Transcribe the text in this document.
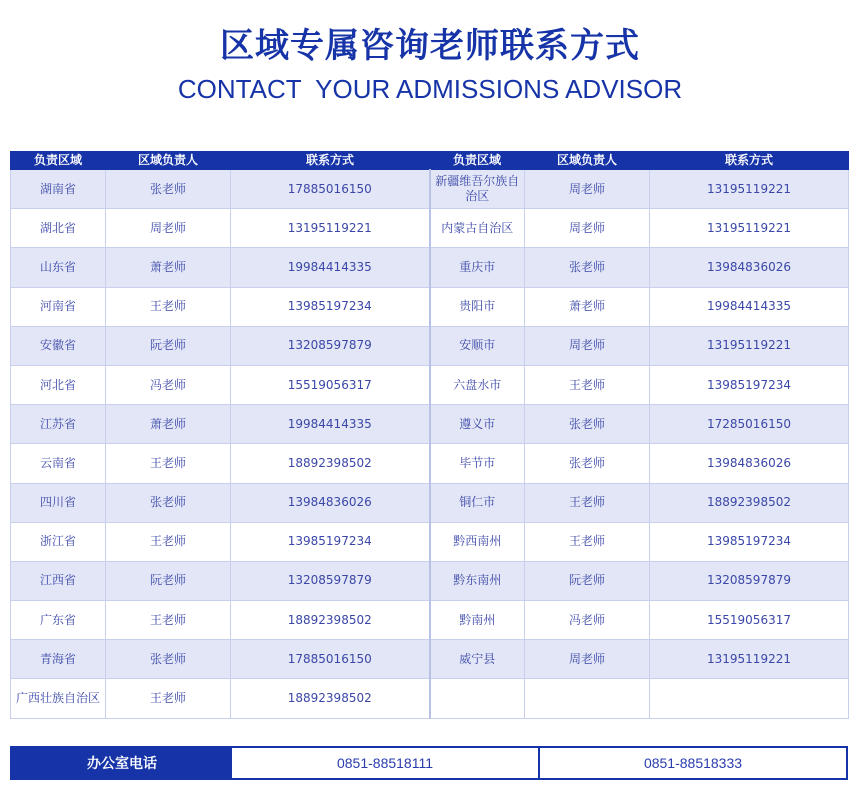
区域专属咨询老师联系方式
CONTACT  YOUR ADMISSIONS ADVISOR
负责区域	区域负责人	联系方式	负责区域	区域负责人	联系方式
湖南省	张老师	17885016150	新疆维吾尔族自治区	周老师	13195119221
湖北省	周老师	13195119221	内蒙古自治区	周老师	13195119221
山东省	萧老师	19984414335	重庆市	张老师	13984836026
河南省	王老师	13985197234	贵阳市	萧老师	19984414335
安徽省	阮老师	13208597879	安顺市	周老师	13195119221
河北省	冯老师	15519056317	六盘水市	王老师	13985197234
江苏省	萧老师	19984414335	遵义市	张老师	17285016150
云南省	王老师	18892398502	毕节市	张老师	13984836026
四川省	张老师	13984836026	铜仁市	王老师	18892398502
浙江省	王老师	13985197234	黔西南州	王老师	13985197234
江西省	阮老师	13208597879	黔东南州	阮老师	13208597879
广东省	王老师	18892398502	黔南州	冯老师	15519056317
青海省	张老师	17885016150	威宁县	周老师	13195119221
广西壮族自治区	王老师	18892398502			
办公室电话	0851-88518111	0851-88518333
